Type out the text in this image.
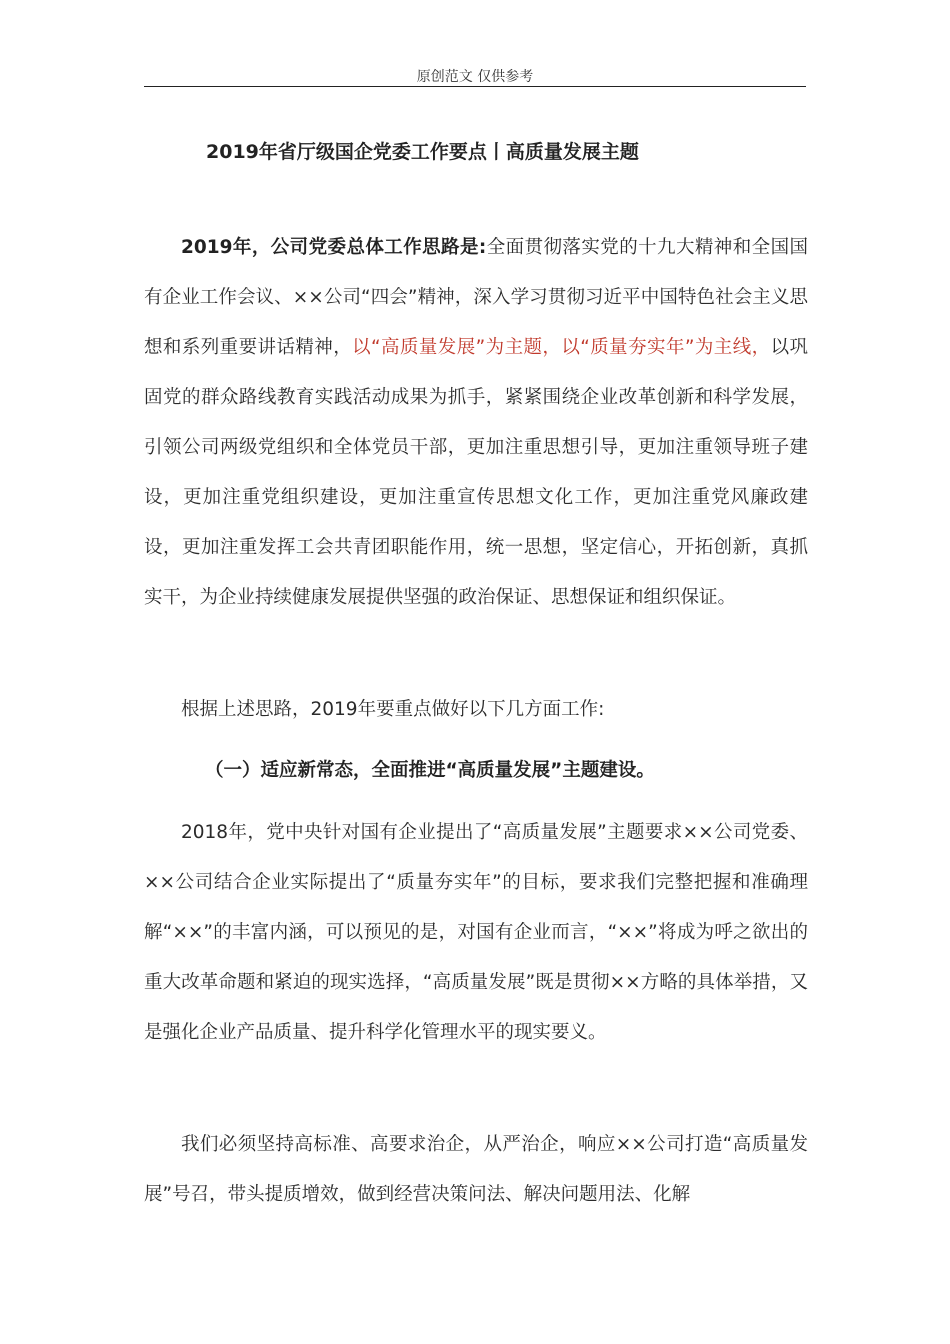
原创范文 仅供参考
2019年省厅级国企党委工作要点丨高质量发展主题
2019年，公司党委总体工作思路是:全面贯彻落实党的十九大精神和全国国有企业工作会议、××公司“四会”精神，深入学习贯彻习近平中国特色社会主义思想和系列重要讲话精神，以“高质量发展”为主题，以“质量夯实年”为主线，以巩固党的群众路线教育实践活动成果为抓手，紧紧围绕企业改革创新和科学发展，引领公司两级党组织和全体党员干部，更加注重思想引导，更加注重领导班子建设，更加注重党组织建设，更加注重宣传思想文化工作，更加注重党风廉政建设，更加注重发挥工会共青团职能作用，统一思想，坚定信心，开拓创新，真抓实干，为企业持续健康发展提供坚强的政治保证、思想保证和组织保证。
根据上述思路，2019年要重点做好以下几方面工作:
（一）适应新常态，全面推进“高质量发展”主题建设。
2018年，党中央针对国有企业提出了“高质量发展”主题要求××公司党委、××公司结合企业实际提出了“质量夯实年”的目标，要求我们完整把握和准确理解“××”的丰富内涵，可以预见的是，对国有企业而言，“××”将成为呼之欲出的重大改革命题和紧迫的现实选择，“高质量发展”既是贯彻××方略的具体举措，又是强化企业产品质量、提升科学化管理水平的现实要义。
我们必须坚持高标准、高要求治企，从严治企，响应××公司打造“高质量发展”号召，带头提质增效，做到经营决策问法、解决问题用法、化解
